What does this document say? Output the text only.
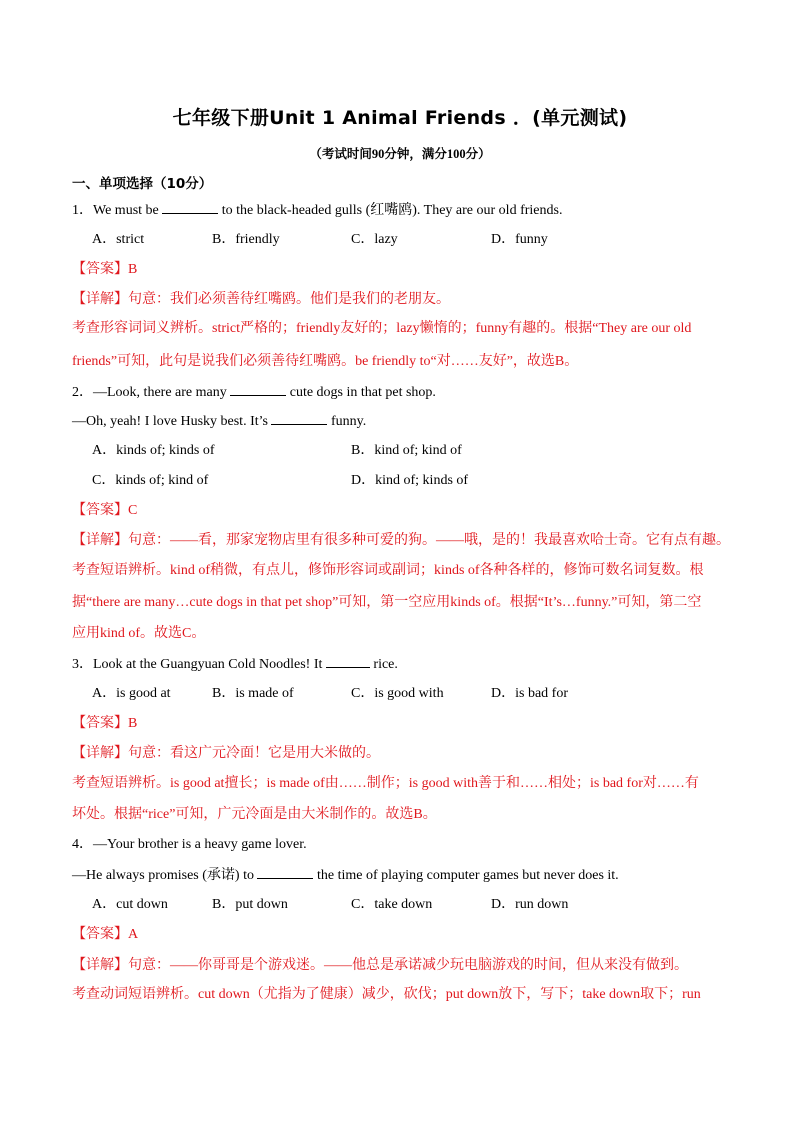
七年级下册Unit 1 Animal Friends ．(单元测试)
（考试时间90分钟，满分100分）
一、单项选择（10分）
1．We must be	to the black-headed gulls (红嘴鸥). They are our old friends.
A．strict	B．friendly	C．lazy	D．funny
【答案】B
【详解】句意：我们必须善待红嘴鸥。他们是我们的老朋友。
考查形容词词义辨析。strict严格的；friendly友好的；lazy懒惰的；funny有趣的。根据“They are our old
friends”可知，此句是说我们必须善待红嘴鸥。be friendly to“对……友好”，故选B。
2．—Look, there are many	cute dogs in that pet shop.
—Oh, yeah! I love Husky best. It’s	funny.
A．kinds of; kinds of	B．kind of; kind of
C．kinds of; kind of	D．kind of; kinds of
【答案】C
【详解】句意：——看，那家宠物店里有很多种可爱的狗。——哦，是的！我最喜欢哈士奇。它有点有趣。
考查短语辨析。kind of稍微，有点儿，修饰形容词或副词；kinds of各种各样的，修饰可数名词复数。根
据“there are many…cute dogs in that pet shop”可知，第一空应用kinds of。根据“It’s…funny.”可知，第二空
应用kind of。故选C。
3．Look at the Guangyuan Cold Noodles! It	rice.
A．is good at	B．is made of	C．is good with	D．is bad for
【答案】B
【详解】句意：看这广元冷面！它是用大米做的。
考查短语辨析。is good at擅长；is made of由……制作；is good with善于和……相处；is bad for对……有
坏处。根据“rice”可知，广元冷面是由大米制作的。故选B。
4．—Your brother is a heavy game lover.
—He always promises (承诺) to	the time of playing computer games but never does it.
A．cut down	B．put down	C．take down	D．run down
【答案】A
【详解】句意：——你哥哥是个游戏迷。——他总是承诺减少玩电脑游戏的时间，但从来没有做到。
考查动词短语辨析。cut down（尤指为了健康）减少，砍伐；put down放下，写下；take down取下；run
